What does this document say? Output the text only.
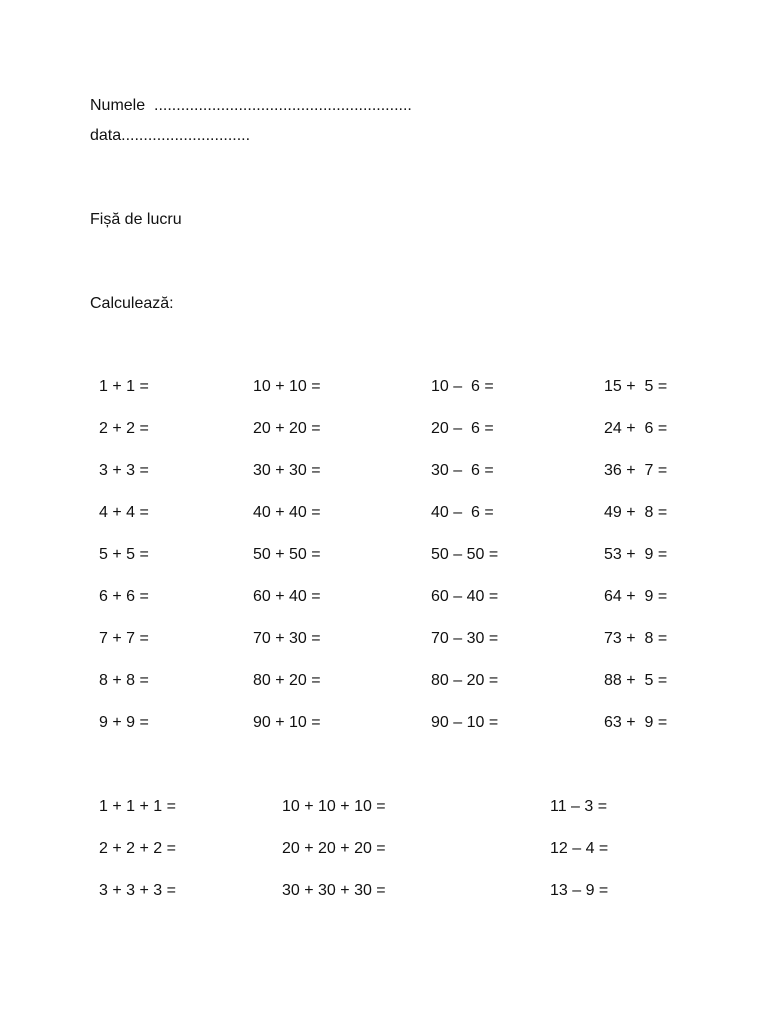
Numele  ..........................................................
data.............................
Fișă de lucru
Calculează:
1 + 1 =	10 + 10 =	10 –  6 =	15 +  5 =
2 + 2 =	20 + 20 =	20 –  6 =	24 +  6 =
3 + 3 =	30 + 30 =	30 –  6 =	36 +  7 =
4 + 4 =	40 + 40 =	40 –  6 =	49 +  8 =
5 + 5 =	50 + 50 =	50 – 50 =	53 +  9 =
6 + 6 =	60 + 40 =	60 – 40 =	64 +  9 =
7 + 7 =	70 + 30 =	70 – 30 =	73 +  8 =
8 + 8 =	80 + 20 =	80 – 20 =	88 +  5 =
9 + 9 =	90 + 10 =	90 – 10 =	63 +  9 =
1 + 1 + 1 =	10 + 10 + 10 =	11 – 3 =
2 + 2 + 2 =	20 + 20 + 20 =	12 – 4 =
3 + 3 + 3 =	30 + 30 + 30 =	13 – 9 =
